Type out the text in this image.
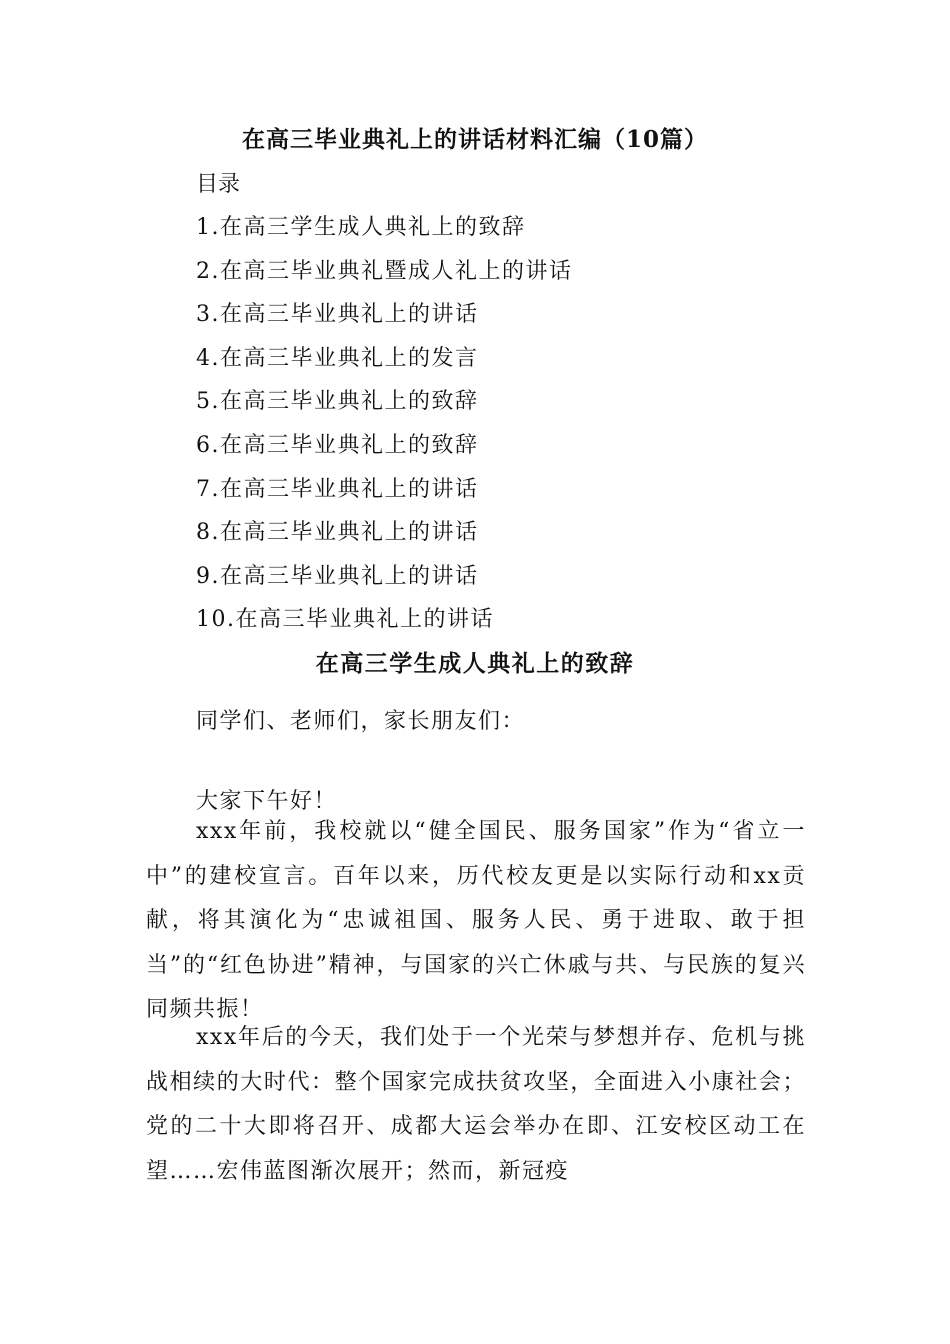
在高三毕业典礼上的讲话材料汇编（10篇）
目录
1.在高三学生成人典礼上的致辞
2.在高三毕业典礼暨成人礼上的讲话
3.在高三毕业典礼上的讲话
4.在高三毕业典礼上的发言
5.在高三毕业典礼上的致辞
6.在高三毕业典礼上的致辞
7.在高三毕业典礼上的讲话
8.在高三毕业典礼上的讲话
9.在高三毕业典礼上的讲话
10.在高三毕业典礼上的讲话
在高三学生成人典礼上的致辞

同学们、老师们，家长朋友们：

大家下午好！

xxx年前，我校就以“健全国民、服务国家”作为“省立一中”的建校宣言。百年以来，历代校友更是以实际行动和xx贡献，将其演化为“忠诚祖国、服务人民、勇于进取、敢于担当”的“红色协进”精神，与国家的兴亡休戚与共、与民族的复兴同频共振！

xxx年后的今天，我们处于一个光荣与梦想并存、危机与挑战相续的大时代：整个国家完成扶贫攻坚，全面进入小康社会；党的二十大即将召开、成都大运会举办在即、江安校区动工在望……宏伟蓝图渐次展开；然而，新冠疫
